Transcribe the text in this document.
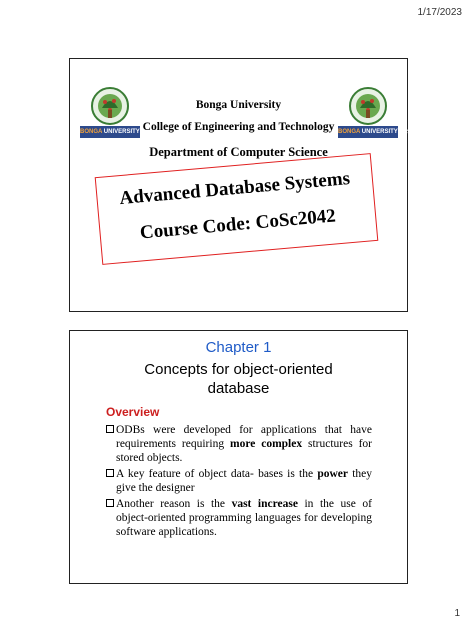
1/17/2023
BONGA UNIVERSITY · ቦንጋ	BONGA UNIVERSITY · ቦንጋ
Bonga University
College of Engineering and Technology
Department of Computer Science
Advanced Database Systems
Course Code: CoSc2042
Chapter 1
Concepts for object-oriented
database
Overview
ODBs were developed for applications that have requirements requiring more complex structures for stored objects.
A key feature of object data- bases is the power they give the designer
Another reason is the vast increase in the use of object-oriented programming languages for developing software applications.
1
